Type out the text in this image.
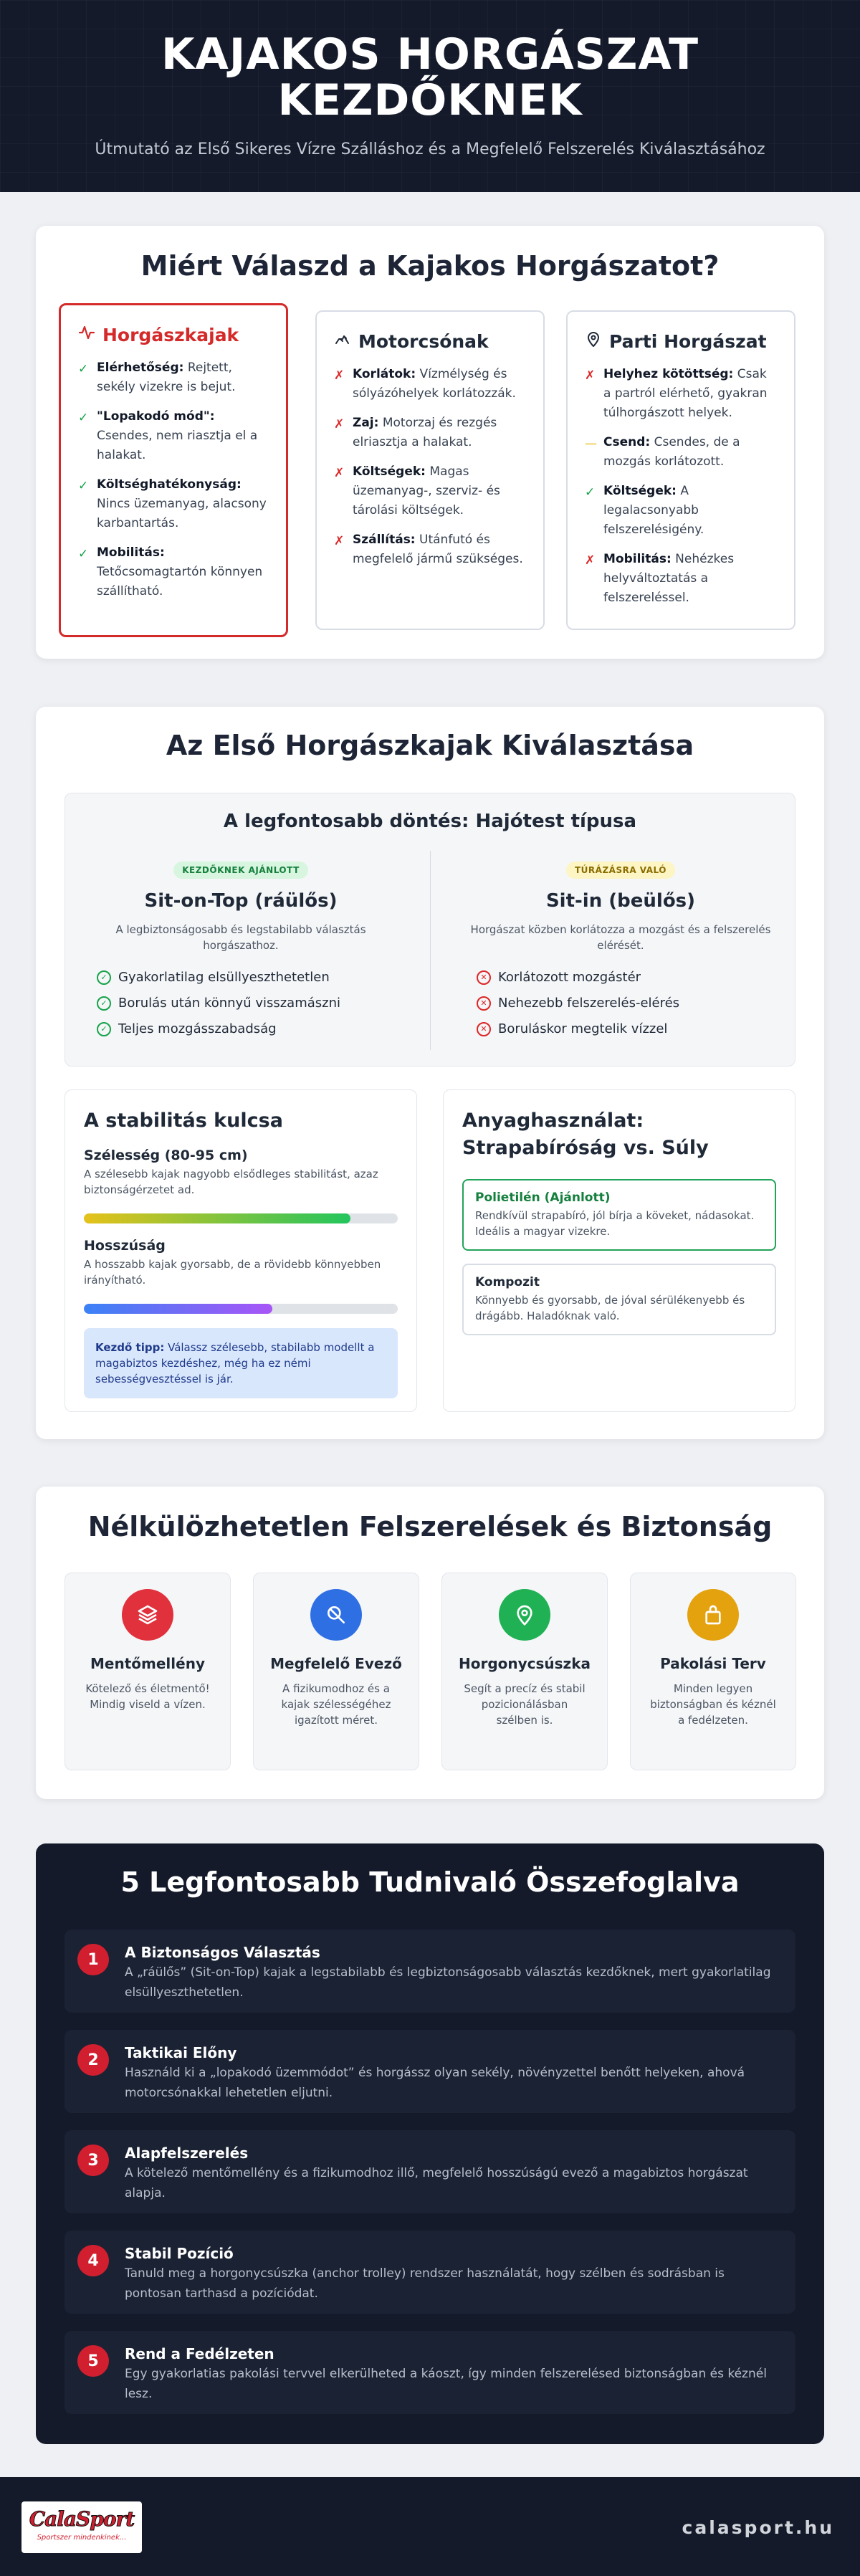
KAJAKOS HORGÁSZAT
KEZDŐKNEK

Útmutató az Első Sikeres Vízre Szálláshoz és a Megfelelő Felszerelés Kiválasztásához

Miért Válaszd a Kajakos Horgászatot?
Horgászkajak
✓ Elérhetőség: Rejtett, sekély vizekre is bejut.
✓ "Lopakodó mód": Csendes, nem riasztja el a halakat.
✓ Költséghatékonyság: Nincs üzemanyag, alacsony karbantartás.
✓ Mobilitás: Tetőcsomagtartón könnyen szállítható.
Motorcsónak
✗ Korlátok: Vízmélység és sólyázóhelyek korlátozzák.
✗ Zaj: Motorzaj és rezgés elriasztja a halakat.
✗ Költségek: Magas üzemanyag-, szerviz- és tárolási költségek.
✗ Szállítás: Utánfutó és megfelelő jármű szükséges.
Parti Horgászat
✗ Helyhez kötöttség: Csak a partról elérhető, gyakran túlhorgászott helyek.
— Csend: Csendes, de a mozgás korlátozott.
✓ Költségek: A legalacsonyabb felszerelésigény.
✗ Mobilitás: Nehézkes helyváltoztatás a felszereléssel.
Az Első Horgászkajak Kiválasztása
A legfontosabb döntés: Hajótest típusa
KEZDŐKNEK AJÁNLOTT
Sit-on-Top (ráülős)

A legbiztonságosabb és legstabilabb választás horgászathoz.

✓ Gyakorlatilag elsüllyeszthetetlen
✓ Borulás után könnyű visszamászni
✓ Teljes mozgásszabadság
TÚRÁZÁSRA VALÓ
Sit-in (beülős)

Horgászat közben korlátozza a mozgást és a felszerelés elérését.

✕ Korlátozott mozgástér
✕ Nehezebb felszerelés-elérés
✕ Boruláskor megtelik vízzel
A stabilitás kulcsa
Szélesség (80-95 cm)

A szélesebb kajak nagyobb elsődleges stabilitást, azaz biztonságérzetet ad.

Hosszúság

A hosszabb kajak gyorsabb, de a rövidebb könnyebben irányítható.

Kezdő tipp: Válassz szélesebb, stabilabb modellt a magabiztos kezdéshez, még ha ez némi sebességvesztéssel is jár.
Anyaghasználat: Strapabíróság vs. Súly
Polietilén (Ajánlott)

Rendkívül strapabíró, jól bírja a köveket, nádasokat. Ideális a magyar vizekre.

Kompozit

Könnyebb és gyorsabb, de jóval sérülékenyebb és drágább. Haladóknak való.

Nélkülözhetetlen Felszerelések és Biztonság
Mentőmellény

Kötelező és életmentő! Mindig viseld a vízen.

Megfelelő Evező

A fizikumodhoz és a kajak szélességéhez igazított méret.

Horgonycsúszka

Segít a precíz és stabil pozicionálásban szélben is.

Pakolási Terv

Minden legyen biztonságban és kéznél a fedélzeten.

5 Legfontosabb Tudnivaló Összefoglalva
1	A Biztonságos Választás

A „ráülős” (Sit-on-Top) kajak a legstabilabb és legbiztonságosabb választás kezdőknek, mert gyakorlatilag elsüllyeszthetetlen.

2	Taktikai Előny

Használd ki a „lopakodó üzemmódot” és horgássz olyan sekély, növényzettel benőtt helyeken, ahová motorcsónakkal lehetetlen eljutni.

3	Alapfelszerelés

A kötelező mentőmellény és a fizikumodhoz illő, megfelelő hosszúságú evező a magabiztos horgászat alapja.

4	Stabil Pozíció

Tanuld meg a horgonycsúszka (anchor trolley) rendszer használatát, hogy szélben és sodrásban is pontosan tarthasd a pozíciódat.

5	Rend a Fedélzeten

Egy gyakorlatias pakolási tervvel elkerülheted a káoszt, így minden felszerelésed biztonságban és kéznél lesz.

CalaSport
Sportszer mindenkinek...	calasport.hu
